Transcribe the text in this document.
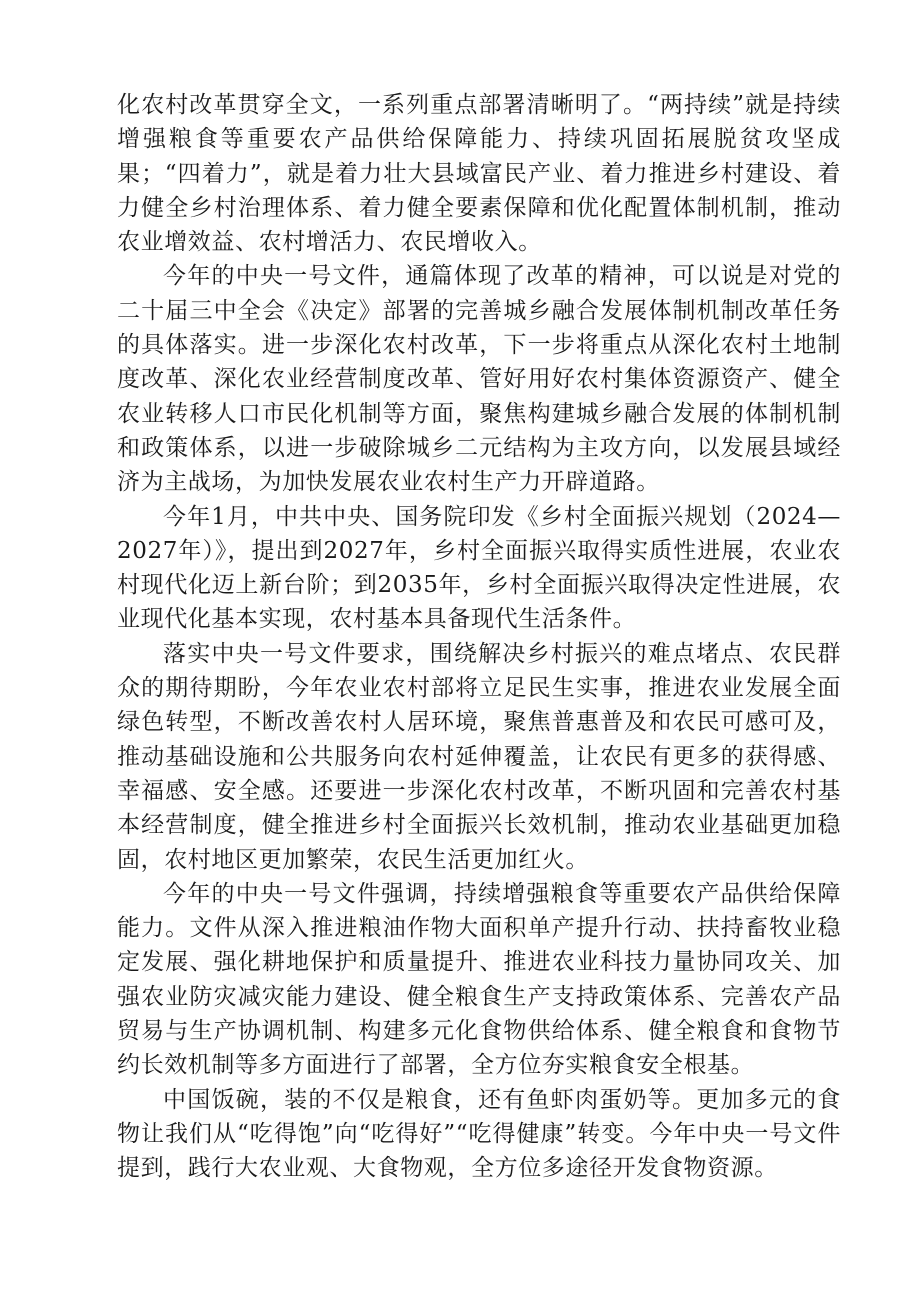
化农村改革贯穿全文，一系列重点部署清晰明了。“两持续”就是持续增强粮食等重要农产品供给保障能力、持续巩固拓展脱贫攻坚成果；“四着力”，就是着力壮大县域富民产业、着力推进乡村建设、着力健全乡村治理体系、着力健全要素保障和优化配置体制机制，推动农业增效益、农村增活力、农民增收入。

今年的中央一号文件，通篇体现了改革的精神，可以说是对党的二十届三中全会《决定》部署的完善城乡融合发展体制机制改革任务的具体落实。进一步深化农村改革，下一步将重点从深化农村土地制度改革、深化农业经营制度改革、管好用好农村集体资源资产、健全农业转移人口市民化机制等方面，聚焦构建城乡融合发展的体制机制和政策体系，以进一步破除城乡二元结构为主攻方向，以发展县域经济为主战场，为加快发展农业农村生产力开辟道路。

今年1月，中共中央、国务院印发《乡村全面振兴规划（2024—2027年）》，提出到2027年，乡村全面振兴取得实质性进展，农业农村现代化迈上新台阶；到2035年，乡村全面振兴取得决定性进展，农业现代化基本实现，农村基本具备现代生活条件。

落实中央一号文件要求，围绕解决乡村振兴的难点堵点、农民群众的期待期盼，今年农业农村部将立足民生实事，推进农业发展全面绿色转型，不断改善农村人居环境，聚焦普惠普及和农民可感可及，推动基础设施和公共服务向农村延伸覆盖，让农民有更多的获得感、幸福感、安全感。还要进一步深化农村改革，不断巩固和完善农村基本经营制度，健全推进乡村全面振兴长效机制，推动农业基础更加稳固，农村地区更加繁荣，农民生活更加红火。

今年的中央一号文件强调，持续增强粮食等重要农产品供给保障能力。文件从深入推进粮油作物大面积单产提升行动、扶持畜牧业稳定发展、强化耕地保护和质量提升、推进农业科技力量协同攻关、加强农业防灾减灾能力建设、健全粮食生产支持政策体系、完善农产品贸易与生产协调机制、构建多元化食物供给体系、健全粮食和食物节约长效机制等多方面进行了部署，全方位夯实粮食安全根基。

中国饭碗，装的不仅是粮食，还有鱼虾肉蛋奶等。更加多元的食物让我们从“吃得饱”向“吃得好”“吃得健康”转变。今年中央一号文件提到，践行大农业观、大食物观，全方位多途径开发食物资源。
